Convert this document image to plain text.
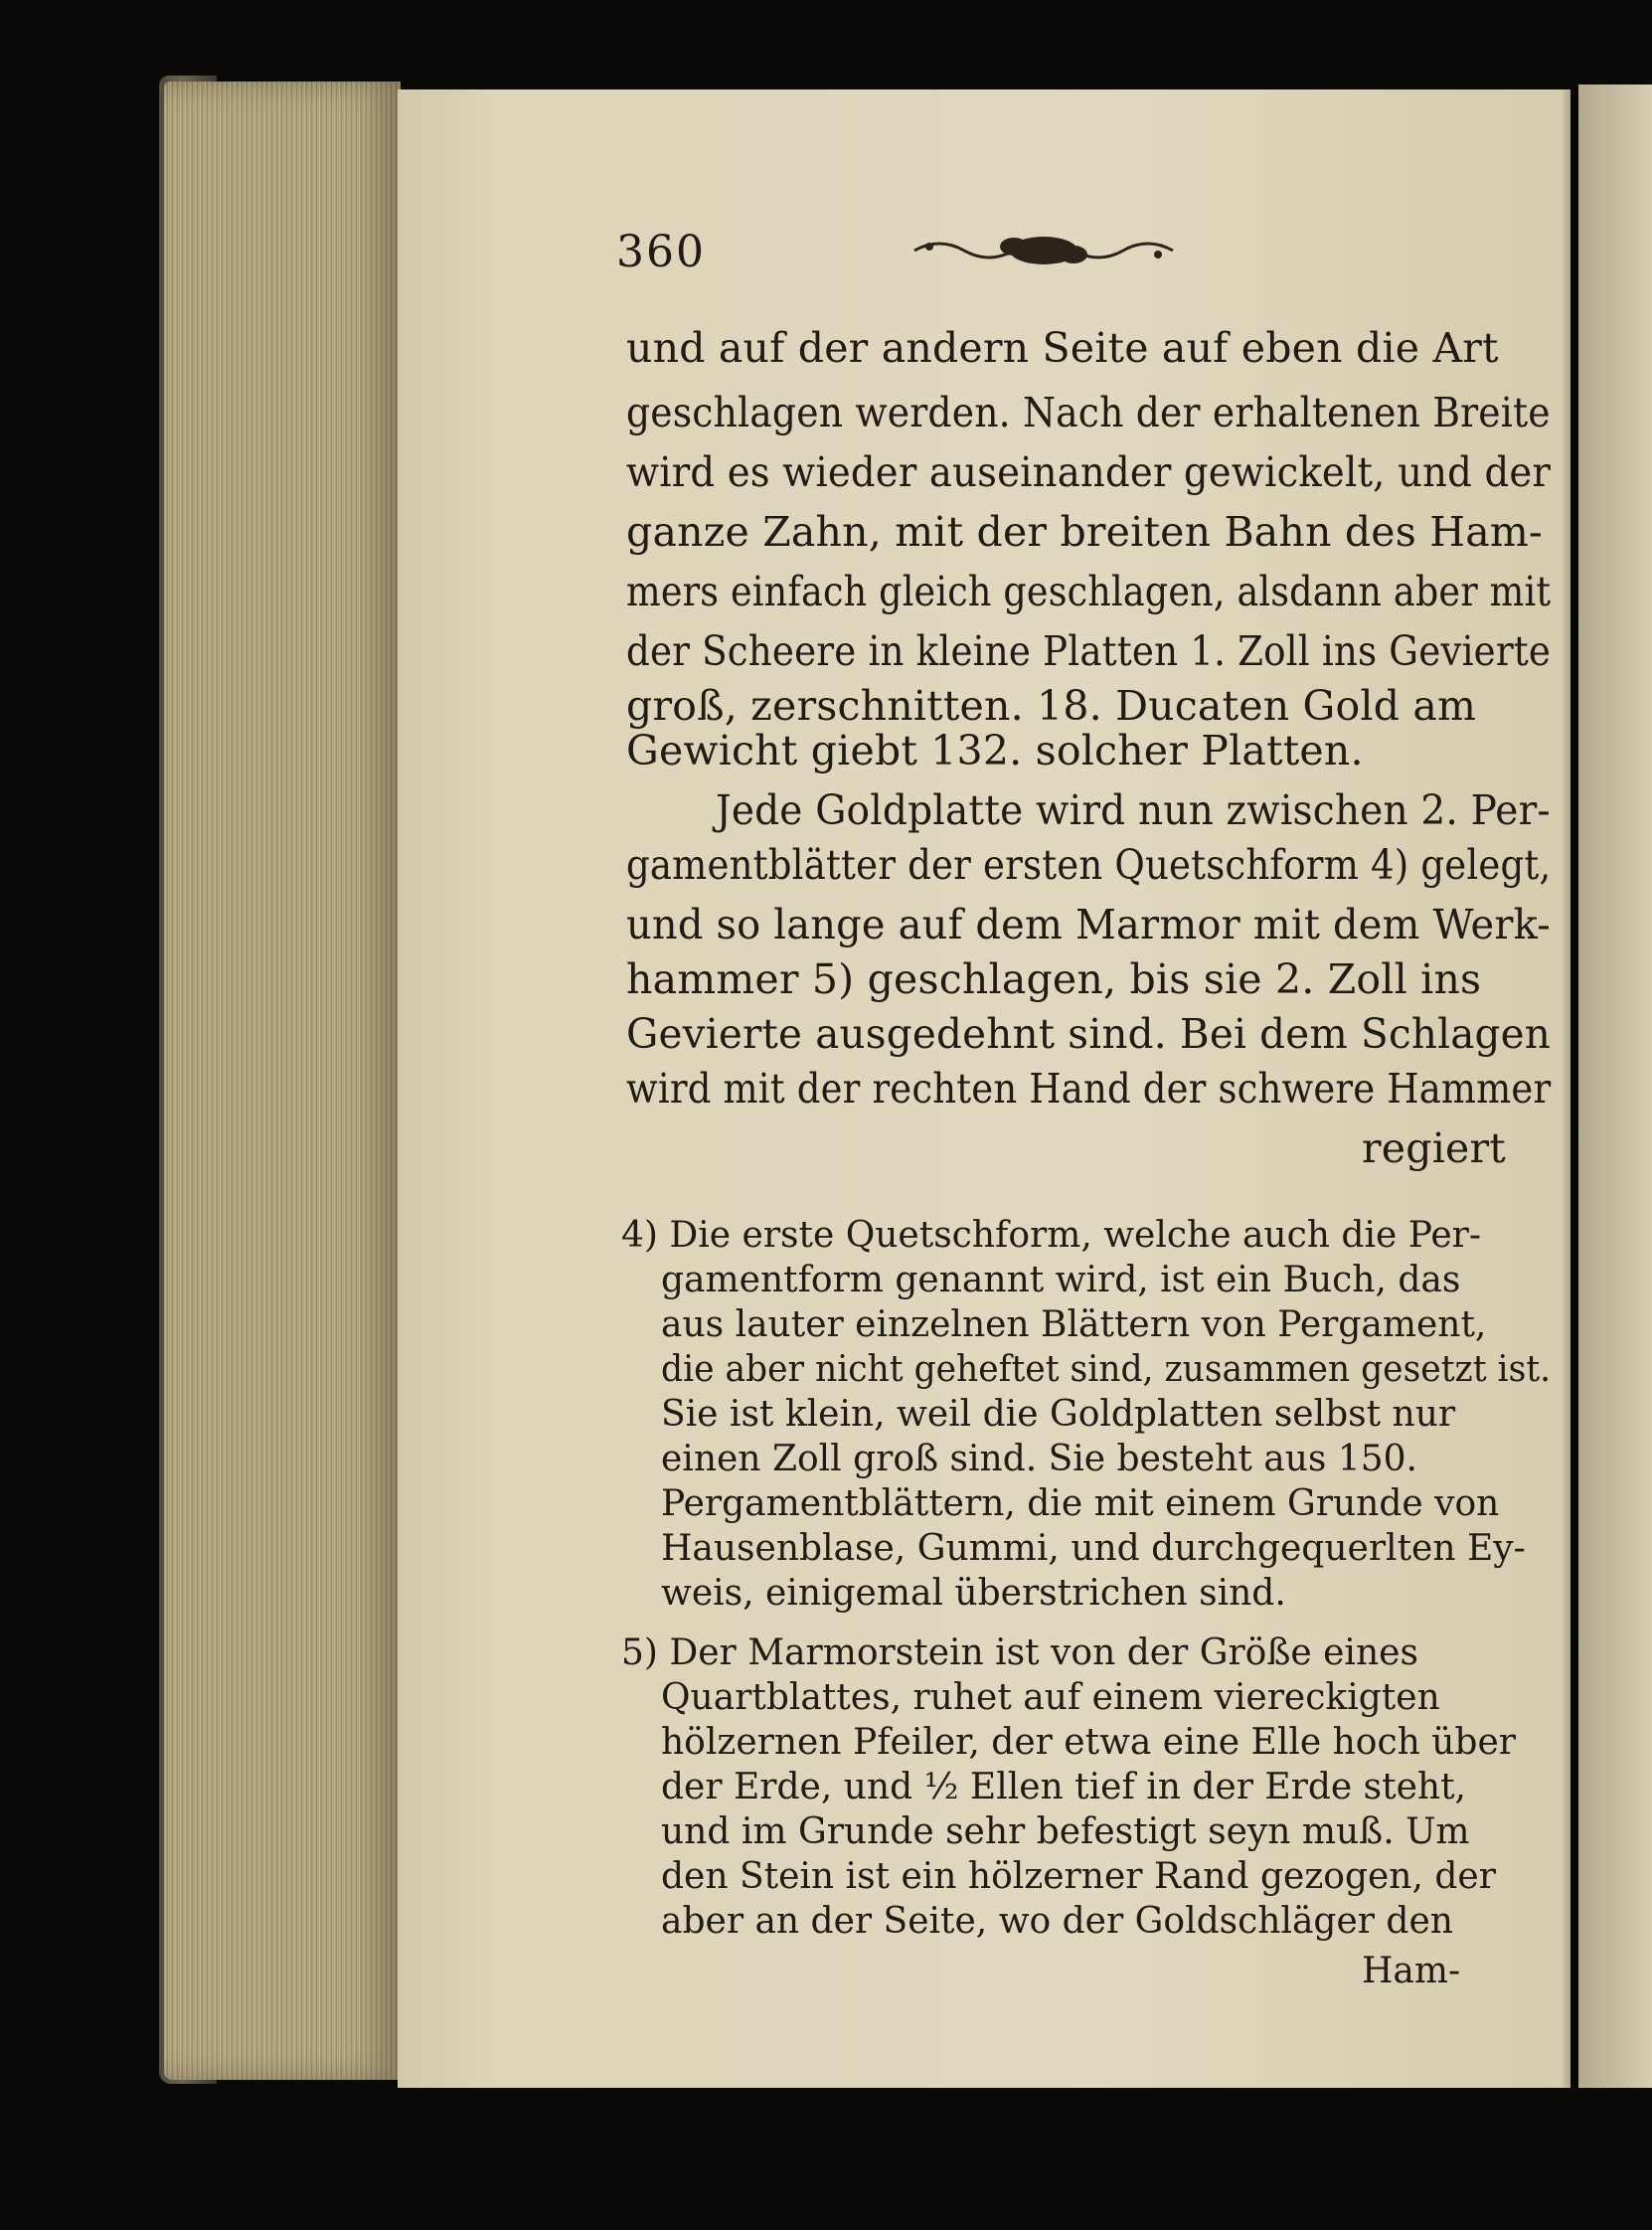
360
und auf der andern Seite auf eben die Art
geschlagen werden. Nach der erhaltenen Breite
wird es wieder auseinander gewickelt, und der
ganze Zahn, mit der breiten Bahn des Ham-
mers einfach gleich geschlagen, alsdann aber mit
der Scheere in kleine Platten 1. Zoll ins Gevierte
groß, zerschnitten. 18. Ducaten Gold am
Gewicht giebt 132. solcher Platten.
Jede Goldplatte wird nun zwischen 2. Per-
gamentblätter der ersten Quetschform 4) gelegt,
und so lange auf dem Marmor mit dem Werk-
hammer 5) geschlagen, bis sie 2. Zoll ins
Gevierte ausgedehnt sind. Bei dem Schlagen
wird mit der rechten Hand der schwere Hammer
regiert
4) Die erste Quetschform, welche auch die Per-
gamentform genannt wird, ist ein Buch, das
aus lauter einzelnen Blättern von Pergament,
die aber nicht geheftet sind, zusammen gesetzt ist.
Sie ist klein, weil die Goldplatten selbst nur
einen Zoll groß sind. Sie besteht aus 150.
Pergamentblättern, die mit einem Grunde von
Hausenblase, Gummi, und durchgequerlten Ey-
weis, einigemal überstrichen sind.
5) Der Marmorstein ist von der Größe eines
Quartblattes, ruhet auf einem viereckigten
hölzernen Pfeiler, der etwa eine Elle hoch über
der Erde, und ½ Ellen tief in der Erde steht,
und im Grunde sehr befestigt seyn muß. Um
den Stein ist ein hölzerner Rand gezogen, der
aber an der Seite, wo der Goldschläger den
Ham-
